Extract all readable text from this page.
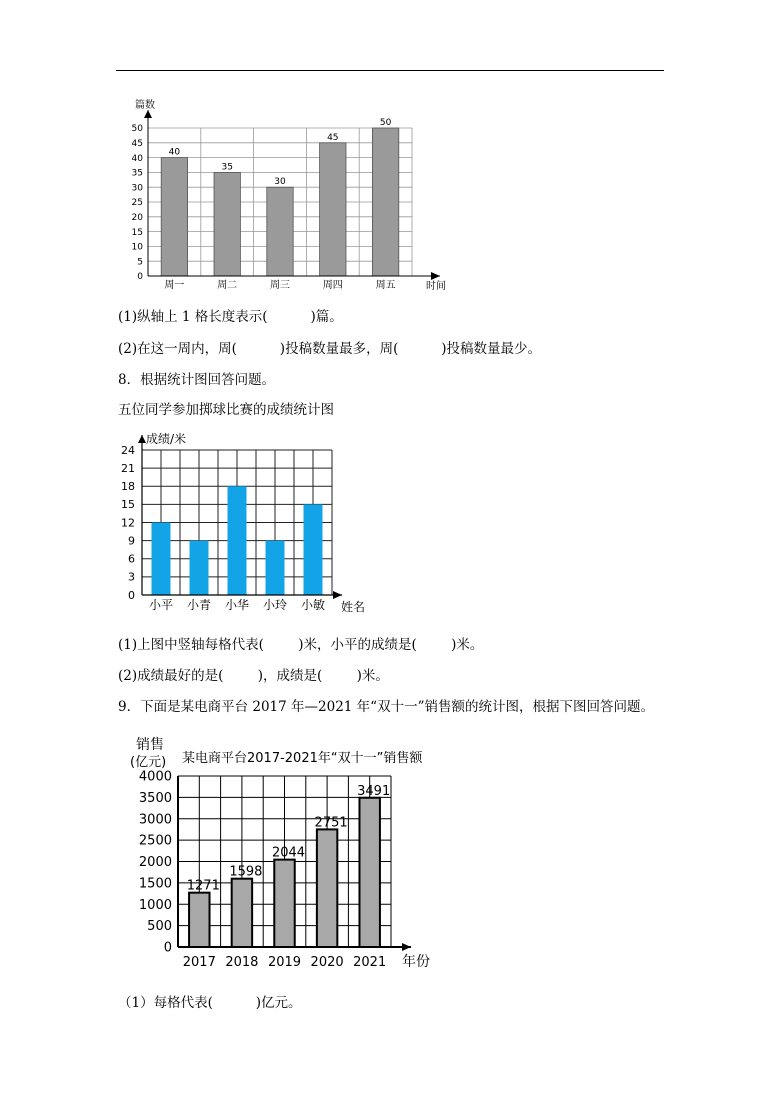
40
周一
35
周二
30
周三
45
周四
50
周五
0
5
10
15
20
25
30
35
40
45
50
篇数
时间
(1)纵轴上 1 格长度表示(          )篇。
(2)在这一周内，周(          )投稿数量最多，周(          )投稿数量最少。
8．根据统计图回答问题。
五位同学参加掷球比赛的成绩统计图
小平 小青 小华 小玲 小敏
0
3
6
9
12
15
18
21
24
成绩/米
姓名
(1)上图中竖轴每格代表(        )米，小平的成绩是(        )米。
(2)成绩最好的是(        )，成绩是(        )米。
9．下面是某电商平台 2017 年—2021 年“双十一”销售额的统计图，根据下图回答问题。
1271
2017
1598
2018
2044
2019
2751
2020
3491
2021
0
500
1000
1500
2000
2500
3000
3500
4000
某电商平台2017-2021年“双十一”销售额
销售
(亿元)
年份
（1）每格代表(          )亿元。
